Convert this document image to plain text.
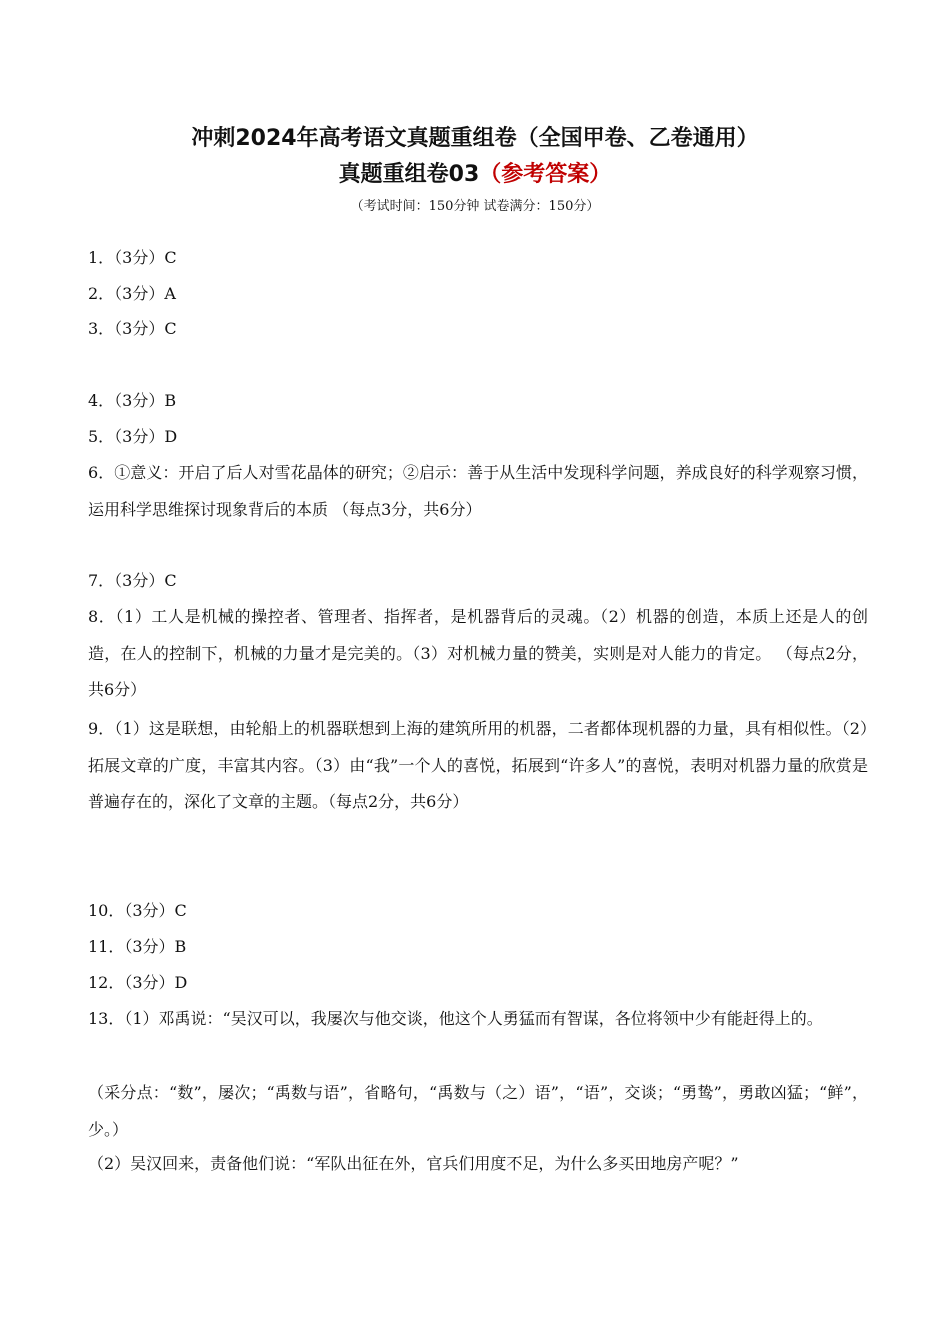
冲刺2024年高考语文真题重组卷（全国甲卷、乙卷通用）
真题重组卷03（参考答案）
（考试时间：150分钟 试卷满分：150分）
1．（3分）C
2．（3分）A
3．（3分）C
4．（3分）B
5．（3分）D
6．①意义：开启了后人对雪花晶体的研究；②启示：善于从生活中发现科学问题，养成良好的科学观察习惯，运用科学思维探讨现象背后的本质 （每点3分，共6分）
7．（3分）C
8．（1）工人是机械的操控者、管理者、指挥者，是机器背后的灵魂。（2）机器的创造，本质上还是人的创造，在人的控制下，机械的力量才是完美的。（3）对机械力量的赞美，实则是对人能力的肯定。 （每点2分，共6分）
9．（1）这是联想，由轮船上的机器联想到上海的建筑所用的机器，二者都体现机器的力量，具有相似性。（2）拓展文章的广度，丰富其内容。（3）由“我”一个人的喜悦，拓展到“许多人”的喜悦，表明对机器力量的欣赏是普遍存在的，深化了文章的主题。（每点2分，共6分）
10．（3分）C
11．（3分）B
12．（3分）D
13．（1）邓禹说：“吴汉可以，我屡次与他交谈，他这个人勇猛而有智谋，各位将领中少有能赶得上的。
（采分点：“数”，屡次；“禹数与语”，省略句，“禹数与（之）语”，“语”，交谈；“勇鸷”，勇敢凶猛；“鲜”，少。）
（2）吴汉回来，责备他们说：“军队出征在外，官兵们用度不足，为什么多买田地房产呢？”
